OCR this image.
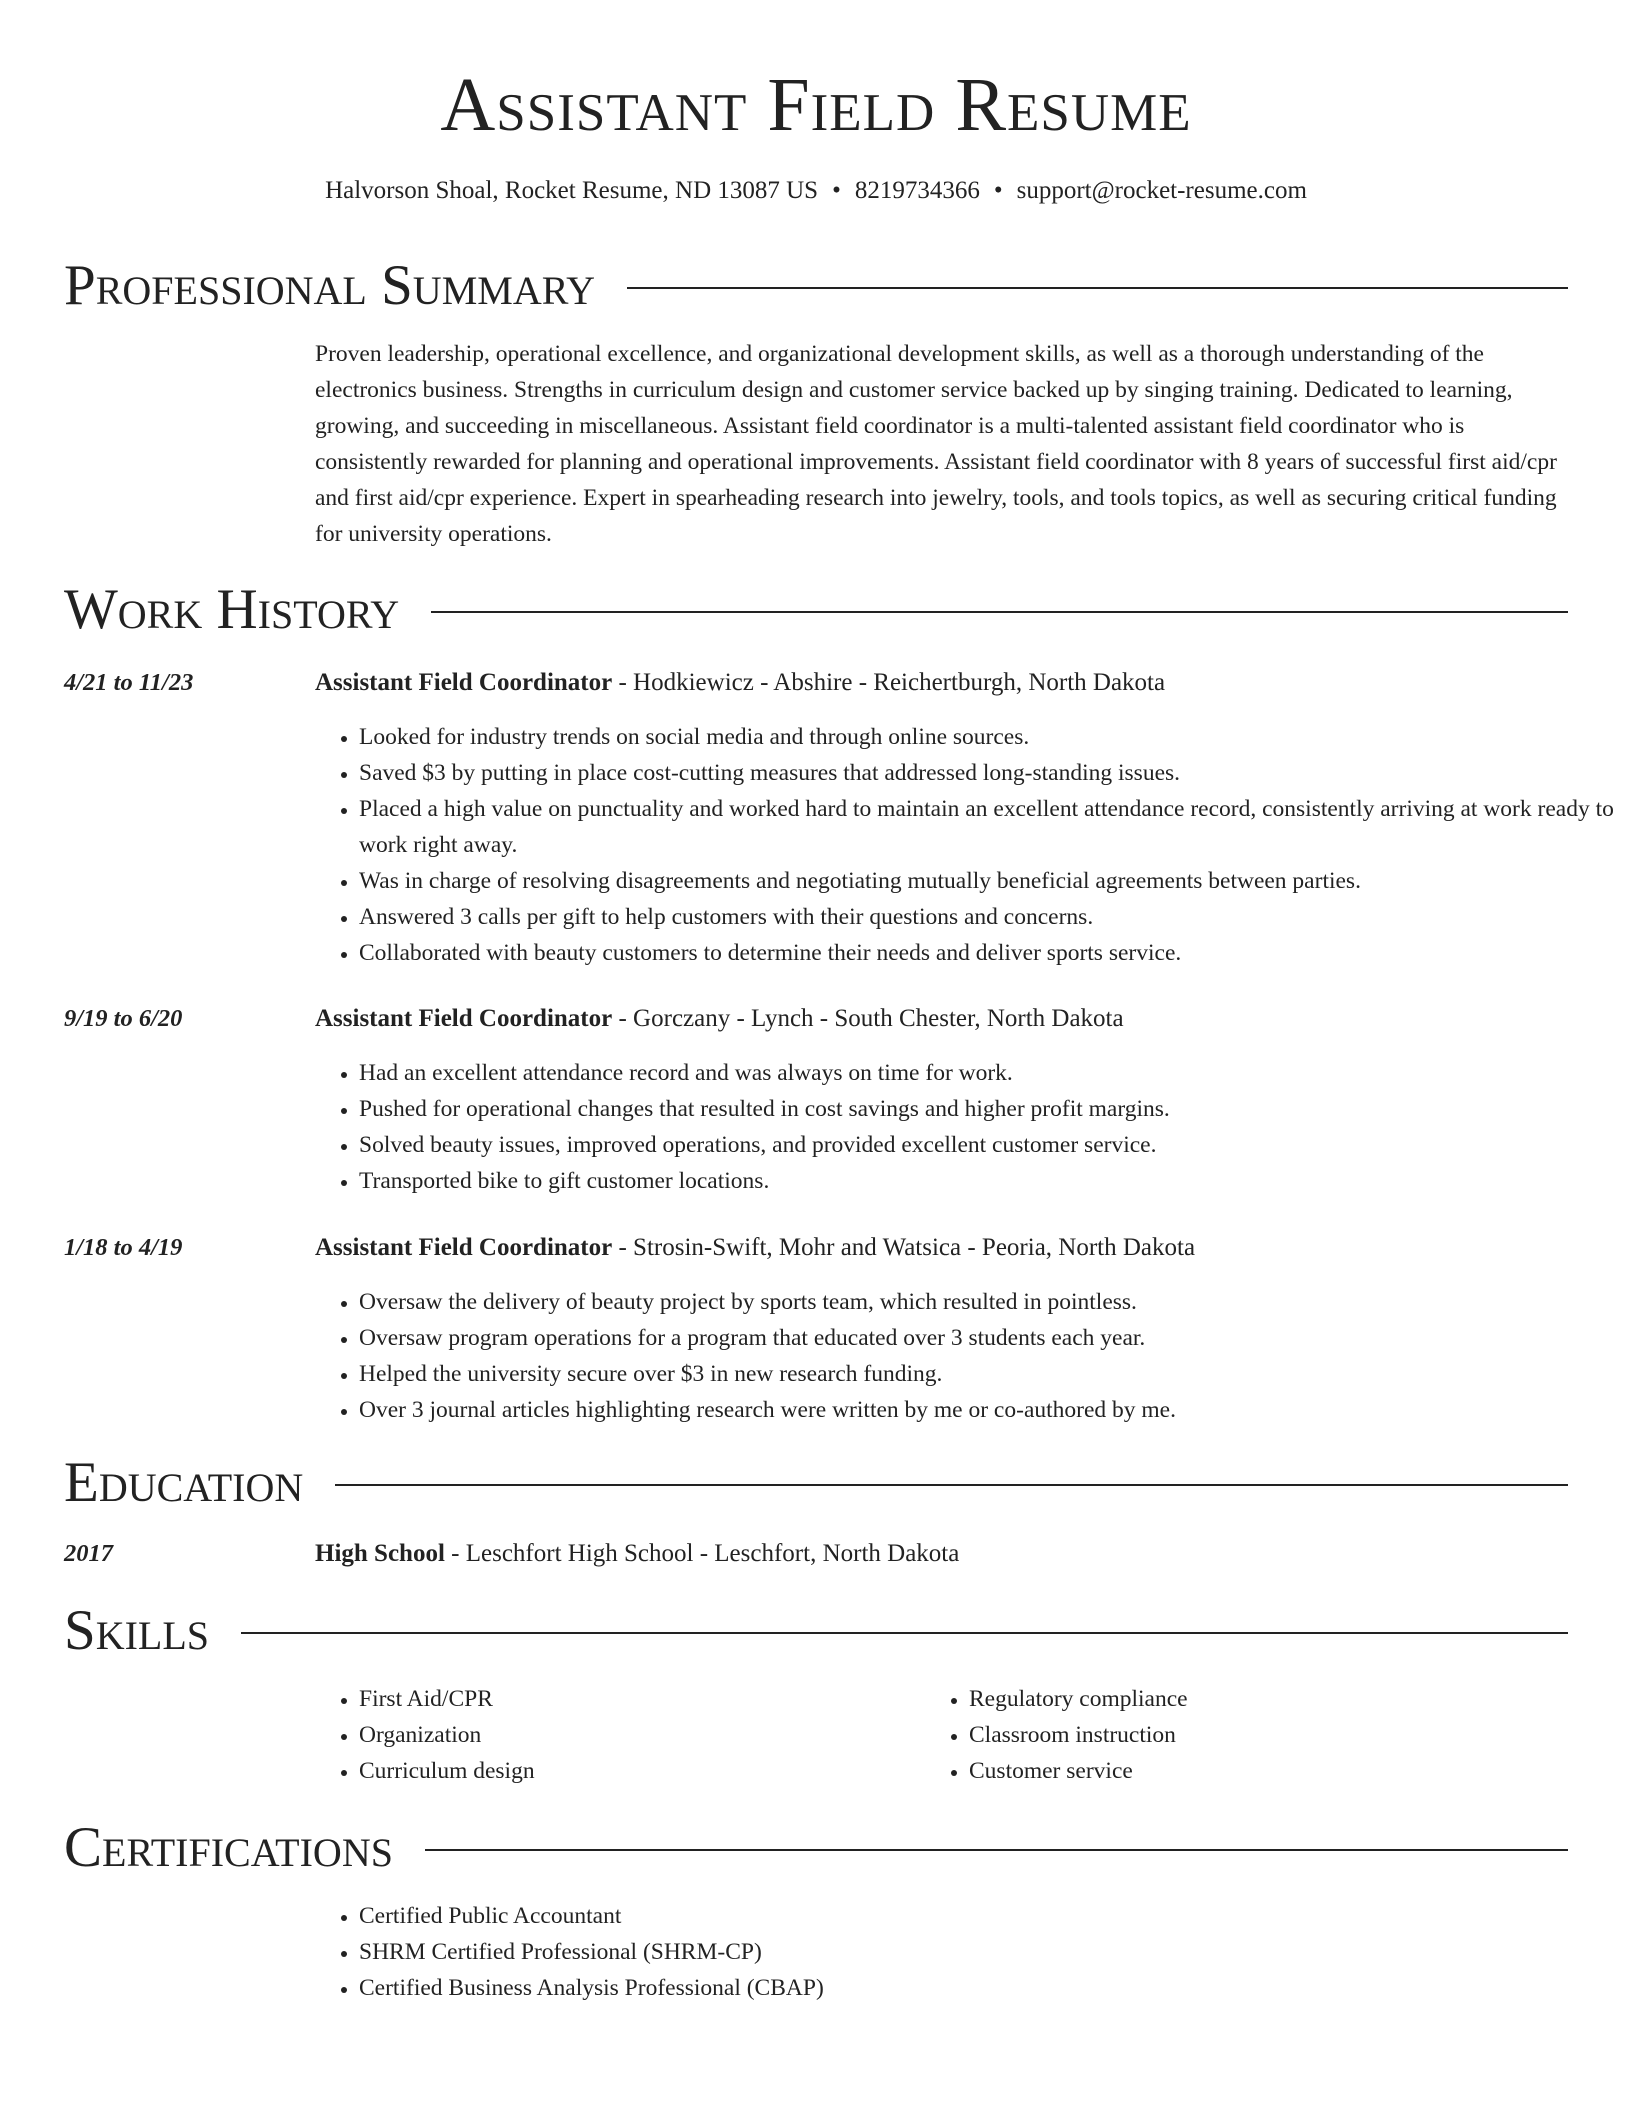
Assistant Field Resume
Halvorson Shoal, Rocket Resume, ND 13087 US • 8219734366 • support@rocket-resume.com
Professional Summary

Proven leadership, operational excellence, and organizational development skills, as well as a thorough understanding of the electronics business. Strengths in curriculum design and customer service backed up by singing training. Dedicated to learning, growing, and succeeding in miscellaneous. Assistant field coordinator is a multi-talented assistant field coordinator who is consistently rewarded for planning and operational improvements. Assistant field coordinator with 8 years of successful first aid/cpr and first aid/cpr experience. Expert in spearheading research into jewelry, tools, and tools topics, as well as securing critical funding for university operations.

Work History
4/21 to 11/23	Assistant Field Coordinator - Hodkiewicz - Abshire - Reichertburgh, North Dakota
• Looked for industry trends on social media and through online sources.
• Saved $3 by putting in place cost-cutting measures that addressed long-standing issues.
• Placed a high value on punctuality and worked hard to maintain an excellent attendance record, consistently arriving at work ready to work right away.
• Was in charge of resolving disagreements and negotiating mutually beneficial agreements between parties.
• Answered 3 calls per gift to help customers with their questions and concerns.
• Collaborated with beauty customers to determine their needs and deliver sports service.
9/19 to 6/20	Assistant Field Coordinator - Gorczany - Lynch - South Chester, North Dakota
• Had an excellent attendance record and was always on time for work.
• Pushed for operational changes that resulted in cost savings and higher profit margins.
• Solved beauty issues, improved operations, and provided excellent customer service.
• Transported bike to gift customer locations.
1/18 to 4/19	Assistant Field Coordinator - Strosin-Swift, Mohr and Watsica - Peoria, North Dakota
• Oversaw the delivery of beauty project by sports team, which resulted in pointless.
• Oversaw program operations for a program that educated over 3 students each year.
• Helped the university secure over $3 in new research funding.
• Over 3 journal articles highlighting research were written by me or co-authored by me.
Education
2017	High School - Leschfort High School - Leschfort, North Dakota
Skills
• First Aid/CPR
• Organization
• Curriculum design
• Regulatory compliance
• Classroom instruction
• Customer service
Certifications
• Certified Public Accountant
• SHRM Certified Professional (SHRM-CP)
• Certified Business Analysis Professional (CBAP)
